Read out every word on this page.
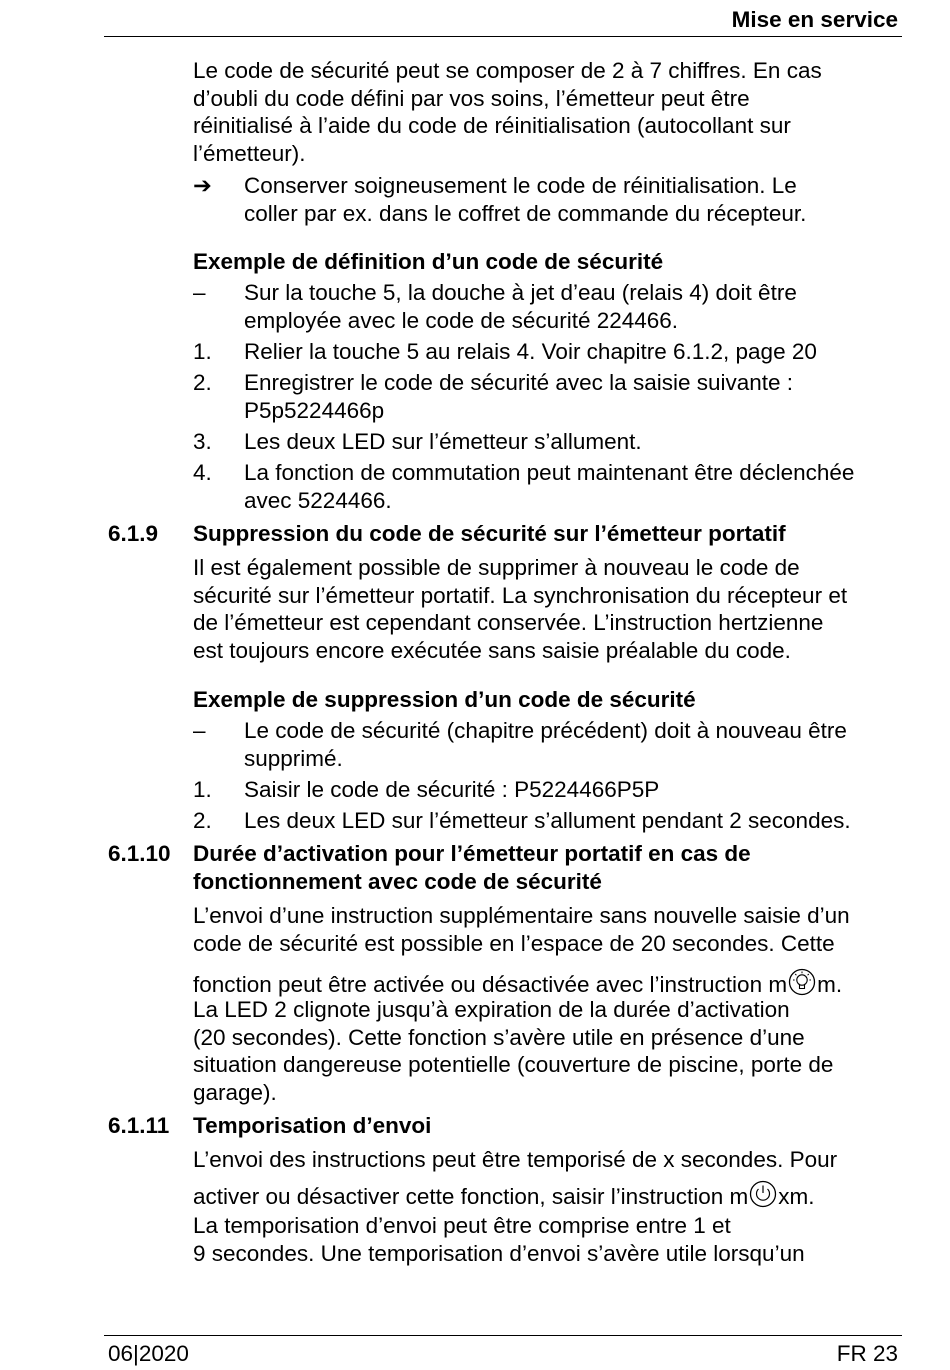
Mise en service
Le code de sécurité peut se composer de 2 à 7 chiffres. En cas
d’oubli du code défini par vos soins, l’émetteur peut être
réinitialisé à l’aide du code de réinitialisation (autocollant sur
l’émetteur).
➔ Conserver soigneusement le code de réinitialisation. Le
coller par ex. dans le coffret de commande du récepteur.
Exemple de définition d’un code de sécurité
– Sur la touche 5, la douche à jet d’eau (relais 4) doit être
employée avec le code de sécurité 224466.
1. Relier la touche 5 au relais 4. Voir chapitre 6.1.2, page 20
2. Enregistrer le code de sécurité avec la saisie suivante :
P5p5224466p
3. Les deux LED sur l’émetteur s’allument.
4. La fonction de commutation peut maintenant être déclenchée
avec 5224466.
6.1.9 Suppression du code de sécurité sur l’émetteur portatif
Il est également possible de supprimer à nouveau le code de
sécurité sur l’émetteur portatif. La synchronisation du récepteur et
de l’émetteur est cependant conservée. L’instruction hertzienne
est toujours encore exécutée sans saisie préalable du code.
Exemple de suppression d’un code de sécurité
– Le code de sécurité (chapitre précédent) doit à nouveau être
supprimé.
1. Saisir le code de sécurité : P5224466P5P
2. Les deux LED sur l’émetteur s’allument pendant 2 secondes.
6.1.10 Durée d’activation pour l’émetteur portatif en cas de
fonctionnement avec code de sécurité
L’envoi d’une instruction supplémentaire sans nouvelle saisie d’un
code de sécurité est possible en l’espace de 20 secondes. Cette
fonction peut être activée ou désactivée avec l’instruction m m.
La LED 2 clignote jusqu’à expiration de la durée d’activation
(20 secondes). Cette fonction s’avère utile en présence d’une
situation dangereuse potentielle (couverture de piscine, porte de
garage).
6.1.11 Temporisation d’envoi
L’envoi des instructions peut être temporisé de x secondes. Pour
activer ou désactiver cette fonction, saisir l’instruction m xm.
La temporisation d’envoi peut être comprise entre 1 et
9 secondes. Une temporisation d’envoi s’avère utile lorsqu’un
06|2020	FR 23
